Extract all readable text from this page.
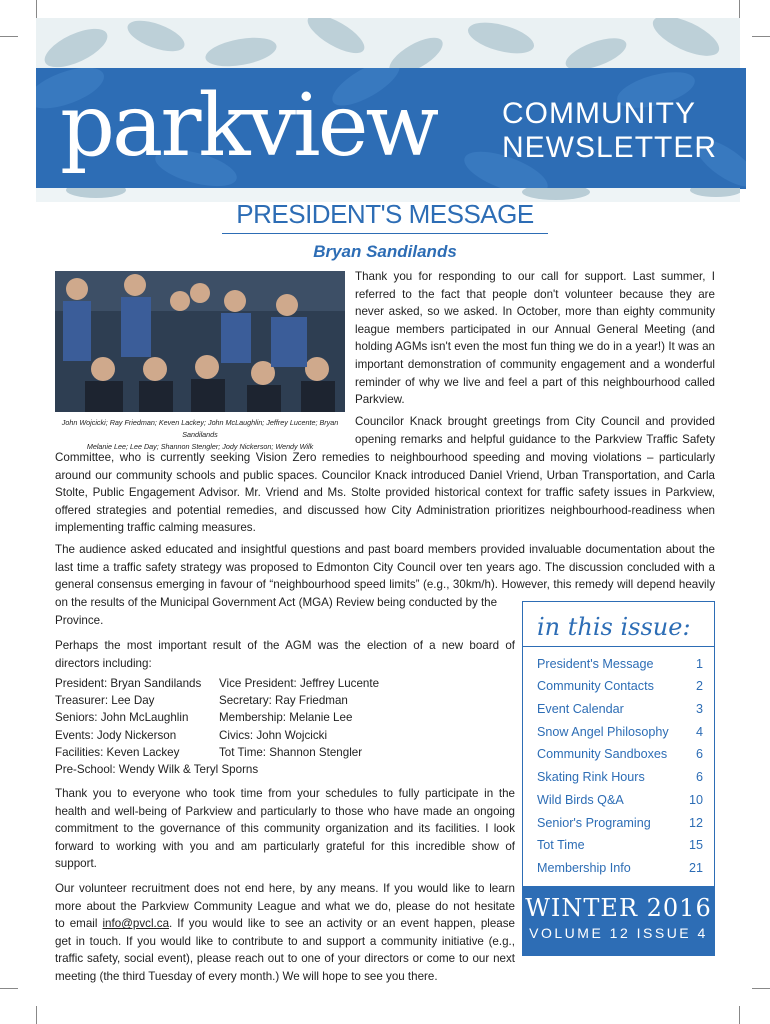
parkview COMMUNITY
NEWSLETTER
PRESIDENT'S MESSAGE
Bryan Sandilands
John Wojcicki; Ray Friedman; Keven Lackey; John McLaughlin; Jeffrey Lucente; Bryan Sandilands
Melanie Lee; Lee Day; Shannon Stengler; Jody Nickerson; Wendy Wilk
Thank you for responding to our call for support. Last summer, I
referred to the fact that people don't volunteer because they are
never asked, so we asked. In October, more than eighty community
league members participated in our Annual General Meeting (and
holding AGMs isn't even the most fun thing we do in a year!) It was an
important demonstration of community engagement and a wonderful
reminder of why we live and feel a part of this neighbourhood called
Parkview.
Councilor Knack brought greetings from City Council and provided
opening remarks and helpful guidance to the Parkview Traffic Safety
Committee, who is currently seeking Vision Zero remedies to neighbourhood speeding and moving violations – particularly
around our community schools and public spaces. Councilor Knack introduced Daniel Vriend, Urban Transportation, and Carla
Stolte, Public Engagement Advisor. Mr. Vriend and Ms. Stolte provided historical context for traffic safety issues in Parkview,
offered strategies and potential remedies, and discussed how City Administration prioritizes neighbourhood-readiness when
implementing traffic calming measures.
The audience asked educated and insightful questions and past board members provided invaluable documentation about the
last time a traffic safety strategy was proposed to Edmonton City Council over ten years ago. The discussion concluded with a
general consensus emerging in favour of “neighbourhood speed limits” (e.g., 30km/h). However, this remedy will depend heavily
on the results of the Municipal Government Act (MGA) Review being conducted by the
Province.
Perhaps the most important result of the AGM was the election of a new board of
directors including:
President: Bryan Sandilands Vice President: Jeffrey Lucente
Treasurer: Lee Day	Secretary: Ray Friedman
Seniors: John McLaughlin	Membership: Melanie Lee
Events: Jody Nickerson	Civics: John Wojcicki
Facilities: Keven Lackey	Tot Time: Shannon Stengler
Pre-School: Wendy Wilk & Teryl Sporns
Thank you to everyone who took time from your schedules to fully participate in the
health and well-being of Parkview and particularly to those who have made an ongoing
commitment to the governance of this community organization and its facilities. I look
forward to working with you and am particularly grateful for this incredible show of
support.
Our volunteer recruitment does not end here, by any means. If you would like to learn
more about the Parkview Community League and what we do, please do not hesitate
to email info@pvcl.ca. If you would like to see an activity or an event happen, please
get in touch. If you would like to contribute to and support a community initiative (e.g.,
traffic safety, social event), please reach out to one of your directors or come to our next
meeting (the third Tuesday of every month.) We will hope to see you there.
in this issue:
President's Message	1
Community Contacts	2
Event Calendar	3
Snow Angel Philosophy 4
Community Sandboxes 6
Skating Rink Hours	6
Wild Birds Q&A	10
Senior's Programing	12
Tot Time	15
Membership Info	21
WINTER 2016
VOLUME 12 ISSUE 4
